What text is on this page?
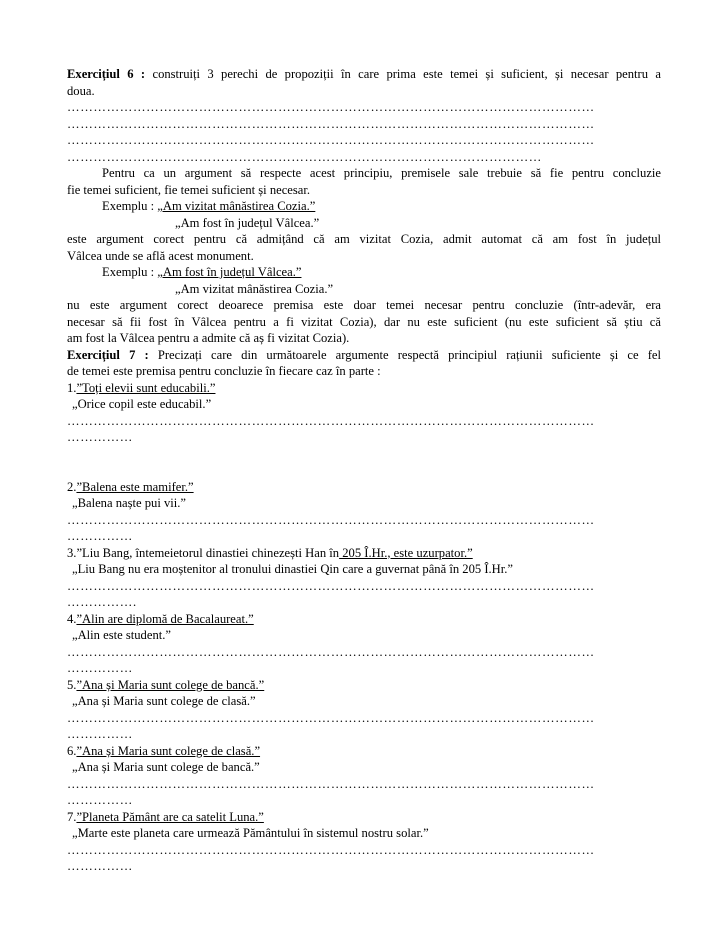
Exercițiul 6 : construiți 3 perechi de propoziții în care prima este temei și suficient, și necesar pentru a
doua.
…………………………………………………………………………………………………………
…………………………………………………………………………………………………………
…………………………………………………………………………………………………………
………………………………………………………………………………………………
Pentru ca un argument să respecte acest principiu, premisele sale trebuie să fie pentru concluzie
fie temei suficient, fie temei suficient și necesar.
Exemplu : „Am vizitat mânăstirea Cozia.”
„Am fost în județul Vâlcea.”
este argument corect pentru că admițând că am vizitat Cozia, admit automat că am fost în județul
Vâlcea unde se află acest monument.
Exemplu : „Am fost în județul Vâlcea.”
„Am vizitat mânăstirea Cozia.”
nu este argument corect deoarece premisa este doar temei necesar pentru concluzie (într-adevăr, era
necesar să fii fost în Vâlcea pentru a fi vizitat Cozia), dar nu este suficient (nu este suficient să știu că
am fost la Vâlcea pentru a admite că aș fi vizitat Cozia).
Exercițiul 7 : Precizați care din următoarele argumente respectă principiul rațiunii suficiente și ce fel
de temei este premisa pentru concluzie în fiecare caz în parte :
1.”Toți elevii sunt educabili.”
„Orice copil este educabil.”
…………………………………………………………………………………………………………
……………
2.”Balena este mamifer.”
„Balena naște pui vii.”
…………………………………………………………………………………………………………
……………
3.”Liu Bang, întemeietorul dinastiei chinezești Han în 205 Î.Hr., este uzurpator.”
„Liu Bang nu era moștenitor al tronului dinastiei Qin care a guvernat până în 205 Î.Hr.”
…………………………………………………………………………………………………………
…………….
4.”Alin are diplomă de Bacalaureat.”
„Alin este student.”
…………………………………………………………………………………………………………
……………
5.”Ana și Maria sunt colege de bancă.”
„Ana și Maria sunt colege de clasă.”
…………………………………………………………………………………………………………
……………
6.”Ana și Maria sunt colege de clasă.”
„Ana și Maria sunt colege de bancă.”
…………………………………………………………………………………………………………
……………
7.”Planeta Pământ are ca satelit Luna.”
„Marte este planeta care urmează Pământului în sistemul nostru solar.”
…………………………………………………………………………………………………………
……………
